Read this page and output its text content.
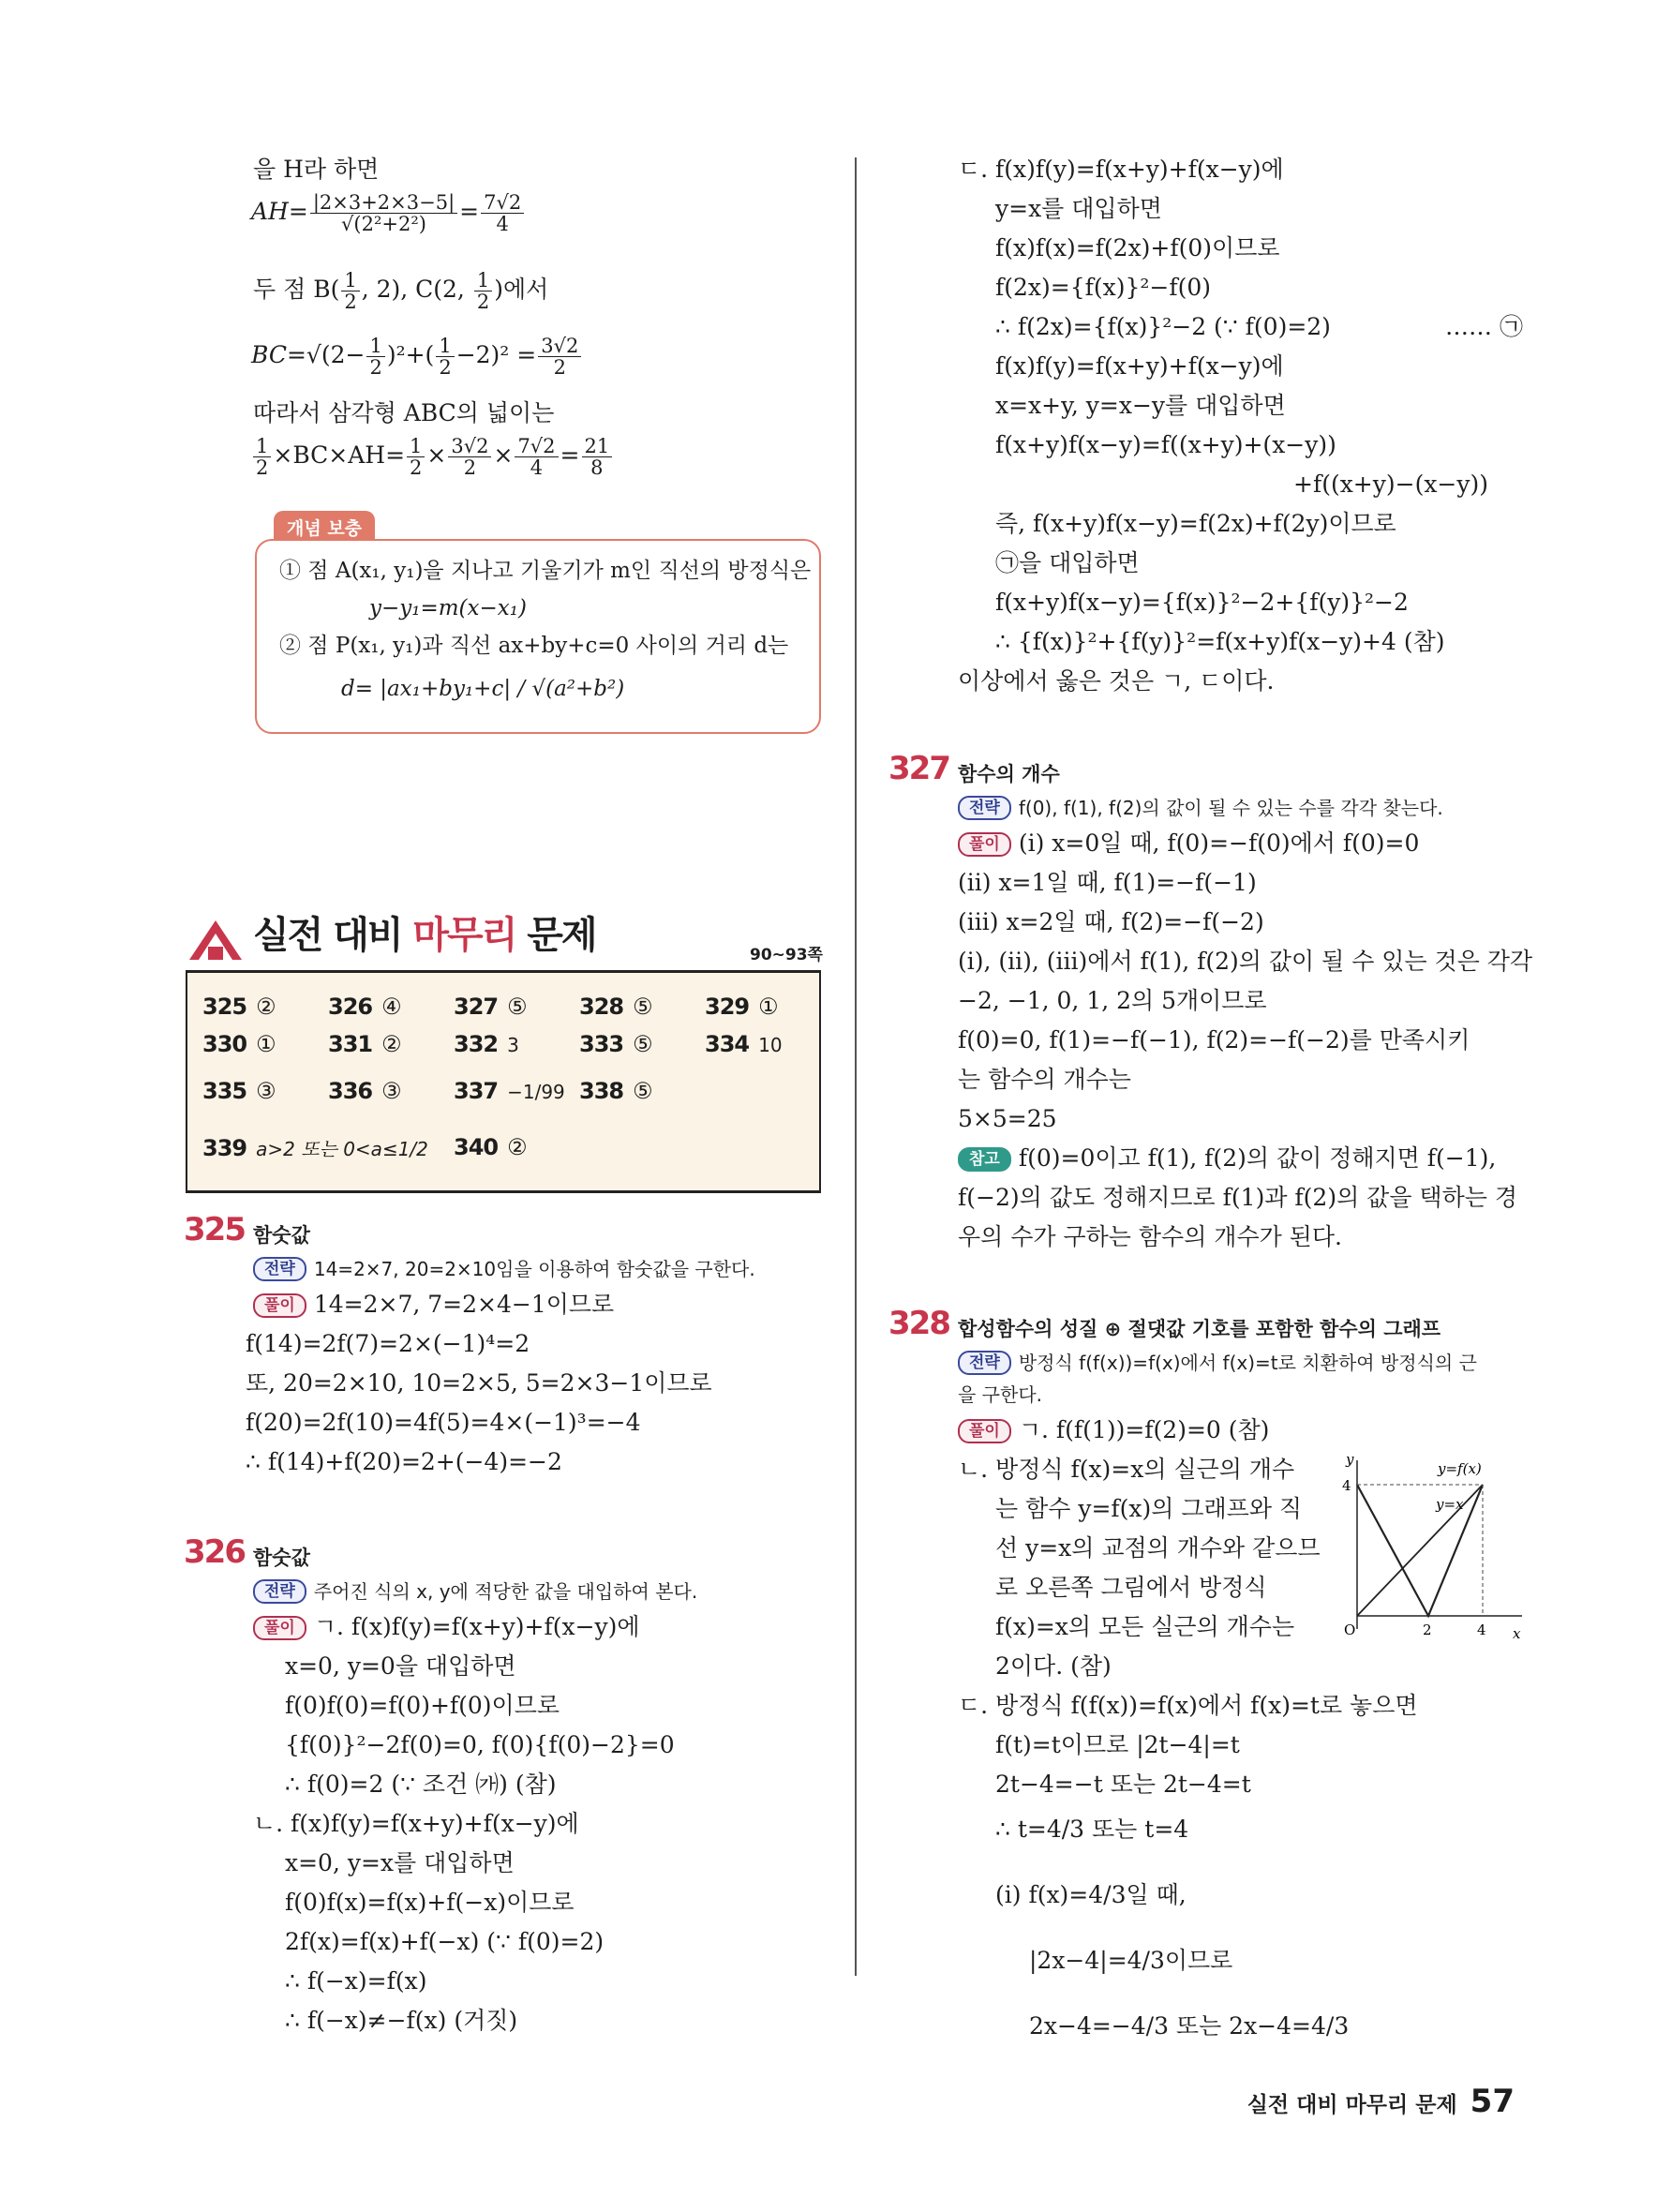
을 H라 하면
$AH= \frac{|2\times 3+2\times 3-5|}{\text{√(2²+2²)}} = \frac{7√2}{4}$
두 점 $B( \frac{1}{2}$ , 2), C(2, $\frac{1}{2}$ )에서
$BC=√(2- \frac{1}{2} )^2+( \frac{1}{2} -2)^2 = \frac{3√2}{2}$
따라서 삼각형 ABC의 넓이는
$\frac{1}{2} \times BC\times AH= \frac{1}{2} \times \frac{3√2}{2} \times \frac{7√2}{4} = \frac{21}{8}$
개념 보충
① 점 A(x₁, y₁)을 지나고 기울기가 m인 직선의 방정식은
y−y₁=m(x−x₁)
② 점 P(x₁, y₁)과 직선 ax+by+c=0 사이의 거리 d는
d= |ax₁+by₁+c| / √(a²+b²)
실전 대비 마무리 문제	90~93쪽
325 ② 326 ④ 327 ⑤ 328 ⑤ 329 ①
330 ① 331 ② 332 3	333 ⑤ 334 10
335 ③ 336 ③ 337 −1/99 338 ⑤
339 a>2 또는 0<a≤1/2 340 ②
325 함숫값
전략 14=2×7, 20=2×10임을 이용하여 함숫값을 구한다.
풀이 14=2×7, 7=2×4−1이므로
f(14)=2f(7)=2×(−1)⁴=2
또, 20=2×10, 10=2×5, 5=2×3−1이므로
f(20)=2f(10)=4f(5)=4×(−1)³=−4
∴ f(14)+f(20)=2+(−4)=−2
326 함숫값
전략 주어진 식의 x, y에 적당한 값을 대입하여 본다.
풀이 ㄱ. f(x)f(y)=f(x+y)+f(x−y)에
x=0, y=0을 대입하면
f(0)f(0)=f(0)+f(0)이므로
{f(0)}²−2f(0)=0, f(0){f(0)−2}=0
∴ f(0)=2 (∵ 조건 ㈎) (참)
ㄴ. f(x)f(y)=f(x+y)+f(x−y)에
x=0, y=x를 대입하면
f(0)f(x)=f(x)+f(−x)이므로
2f(x)=f(x)+f(−x) (∵ f(0)=2)
∴ f(−x)=f(x)
∴ f(−x)≠−f(x) (거짓)
ㄷ. f(x)f(y)=f(x+y)+f(x−y)에
y=x를 대입하면
f(x)f(x)=f(2x)+f(0)이므로
f(2x)={f(x)}²−f(0)
∴ f(2x)={f(x)}²−2 (∵ f(0)=2)	…… ㉠
f(x)f(y)=f(x+y)+f(x−y)에
x=x+y, y=x−y를 대입하면
f(x+y)f(x−y)=f((x+y)+(x−y))
+f((x+y)−(x−y))
즉, f(x+y)f(x−y)=f(2x)+f(2y)이므로
㉠을 대입하면
f(x+y)f(x−y)={f(x)}²−2+{f(y)}²−2
∴ {f(x)}²+{f(y)}²=f(x+y)f(x−y)+4 (참)
이상에서 옳은 것은 ㄱ, ㄷ이다.
327 함수의 개수
전략 f(0), f(1), f(2)의 값이 될 수 있는 수를 각각 찾는다.
풀이 (i) x=0일 때, f(0)=−f(0)에서 f(0)=0
(ii) x=1일 때, f(1)=−f(−1)
(iii) x=2일 때, f(2)=−f(−2)
(i), (ii), (iii)에서 f(1), f(2)의 값이 될 수 있는 것은 각각
−2, −1, 0, 1, 2의 5개이므로
f(0)=0, f(1)=−f(−1), f(2)=−f(−2)를 만족시키
는 함수의 개수는
5×5=25
참고 f(0)=0이고 f(1), f(2)의 값이 정해지면 f(−1),
f(−2)의 값도 정해지므로 f(1)과 f(2)의 값을 택하는 경
우의 수가 구하는 함수의 개수가 된다.
328 합성함수의 성질 ⊕ 절댓값 기호를 포함한 함수의 그래프
전략 방정식 f(f(x))=f(x)에서 f(x)=t로 치환하여 방정식의 근
을 구한다.
풀이 ㄱ. f(f(1))=f(2)=0 (참)
ㄴ. 방정식 f(x)=x의 실근의 개수
는 함수 y=f(x)의 그래프와 직
선 y=x의 교점의 개수와 같으므
로 오른쪽 그림에서 방정식
f(x)=x의 모든 실근의 개수는
2이다. (참)
ㄷ. 방정식 f(f(x))=f(x)에서 f(x)=t로 놓으면
f(t)=t이므로 |2t−4|=t
2t−4=−t 또는 2t−4=t
∴ t=4/3 또는 t=4
(i) f(x)=4/3일 때,
|2x−4|=4/3이므로
2x−4=−4/3 또는 2x−4=4/3
y
x
y=f(x)
y=x
O	2	4
4
실전 대비 마무리 문제 57
